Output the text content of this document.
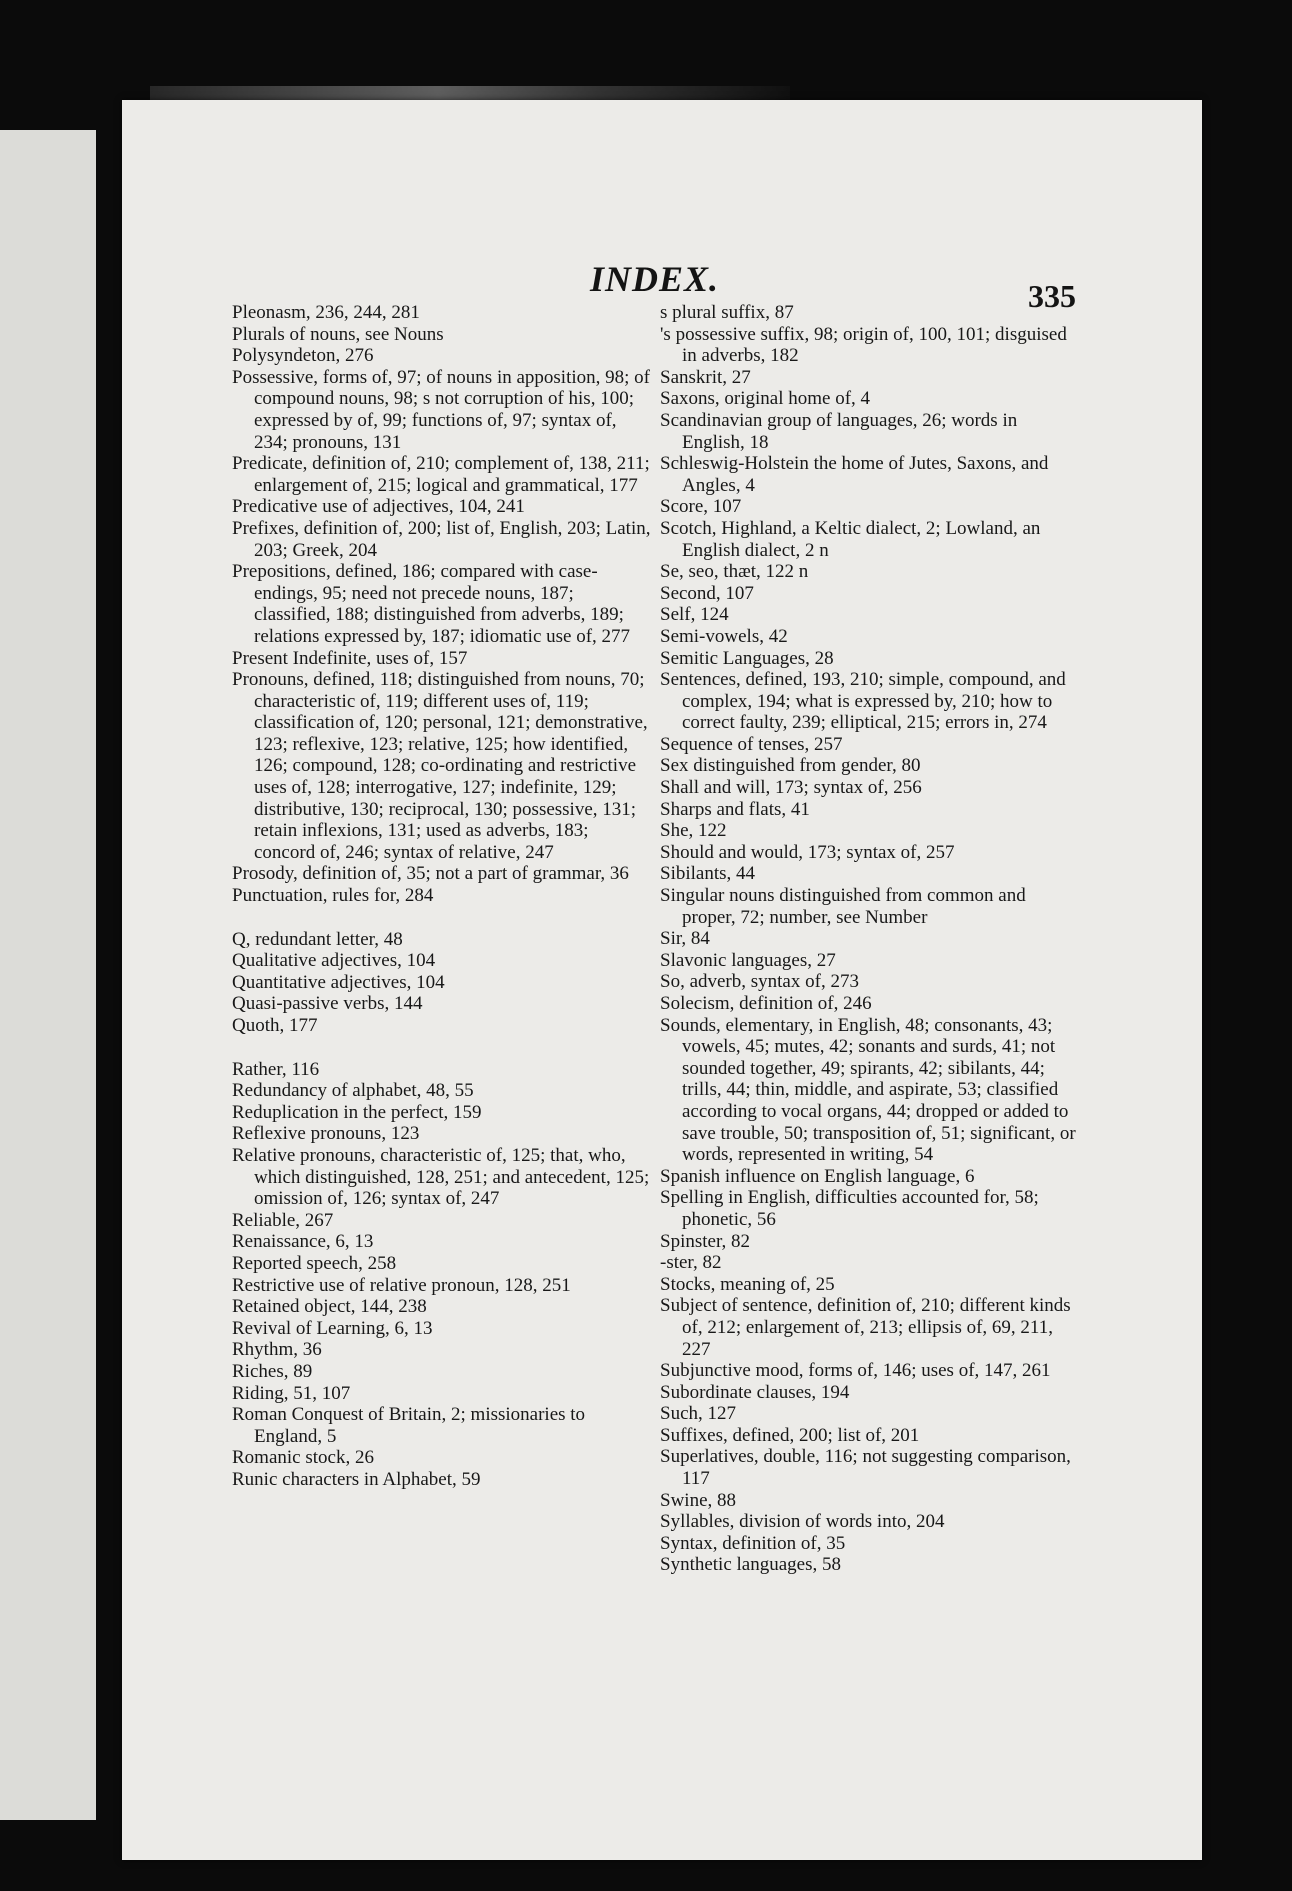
INDEX.	335

Pleonasm, 236, 244, 281

Plurals of nouns, see Nouns

Polysyndeton, 276

Possessive, forms of, 97; of nouns in apposition, 98; of compound nouns, 98; s not corruption of his, 100; expressed by of, 99; functions of, 97; syntax of, 234; pronouns, 131

Predicate, definition of, 210; complement of, 138, 211; enlargement of, 215; logical and grammatical, 177

Predicative use of adjectives, 104, 241

Prefixes, definition of, 200; list of, English, 203; Latin, 203; Greek, 204

Prepositions, defined, 186; compared with case-endings, 95; need not precede nouns, 187; classified, 188; distinguished from adverbs, 189; relations expressed by, 187; idiomatic use of, 277

Present Indefinite, uses of, 157

Pronouns, defined, 118; distinguished from nouns, 70; characteristic of, 119; different uses of, 119; classification of, 120; personal, 121; demonstrative, 123; reflexive, 123; relative, 125; how identified, 126; compound, 128; co-ordinating and restrictive uses of, 128; interrogative, 127; indefinite, 129; distributive, 130; reciprocal, 130; possessive, 131; retain inflexions, 131; used as adverbs, 183; concord of, 246; syntax of relative, 247

Prosody, definition of, 35; not a part of grammar, 36

Punctuation, rules for, 284

Q, redundant letter, 48

Qualitative adjectives, 104

Quantitative adjectives, 104

Quasi-passive verbs, 144

Quoth, 177

Rather, 116

Redundancy of alphabet, 48, 55

Reduplication in the perfect, 159

Reflexive pronouns, 123

Relative pronouns, characteristic of, 125; that, who, which distinguished, 128, 251; and antecedent, 125; omission of, 126; syntax of, 247

Reliable, 267

Renaissance, 6, 13

Reported speech, 258

Restrictive use of relative pronoun, 128, 251

Retained object, 144, 238

Revival of Learning, 6, 13

Rhythm, 36

Riches, 89

Riding, 51, 107

Roman Conquest of Britain, 2; missionaries to England, 5

Romanic stock, 26

Runic characters in Alphabet, 59

s plural suffix, 87

's possessive suffix, 98; origin of, 100, 101; disguised in adverbs, 182

Sanskrit, 27

Saxons, original home of, 4

Scandinavian group of languages, 26; words in English, 18

Schleswig-Holstein the home of Jutes, Saxons, and Angles, 4

Score, 107

Scotch, Highland, a Keltic dialect, 2; Lowland, an English dialect, 2 n

Se, seo, thæt, 122 n

Second, 107

Self, 124

Semi-vowels, 42

Semitic Languages, 28

Sentences, defined, 193, 210; simple, compound, and complex, 194; what is expressed by, 210; how to correct faulty, 239; elliptical, 215; errors in, 274

Sequence of tenses, 257

Sex distinguished from gender, 80

Shall and will, 173; syntax of, 256

Sharps and flats, 41

She, 122

Should and would, 173; syntax of, 257

Sibilants, 44

Singular nouns distinguished from common and proper, 72; number, see Number

Sir, 84

Slavonic languages, 27

So, adverb, syntax of, 273

Solecism, definition of, 246

Sounds, elementary, in English, 48; consonants, 43; vowels, 45; mutes, 42; sonants and surds, 41; not sounded together, 49; spirants, 42; sibilants, 44; trills, 44; thin, middle, and aspirate, 53; classified according to vocal organs, 44; dropped or added to save trouble, 50; transposition of, 51; significant, or words, represented in writing, 54

Spanish influence on English language, 6

Spelling in English, difficulties accounted for, 58; phonetic, 56

Spinster, 82

-ster, 82

Stocks, meaning of, 25

Subject of sentence, definition of, 210; different kinds of, 212; enlargement of, 213; ellipsis of, 69, 211, 227

Subjunctive mood, forms of, 146; uses of, 147, 261

Subordinate clauses, 194

Such, 127

Suffixes, defined, 200; list of, 201

Superlatives, double, 116; not suggesting comparison, 117

Swine, 88

Syllables, division of words into, 204

Syntax, definition of, 35

Synthetic languages, 58
